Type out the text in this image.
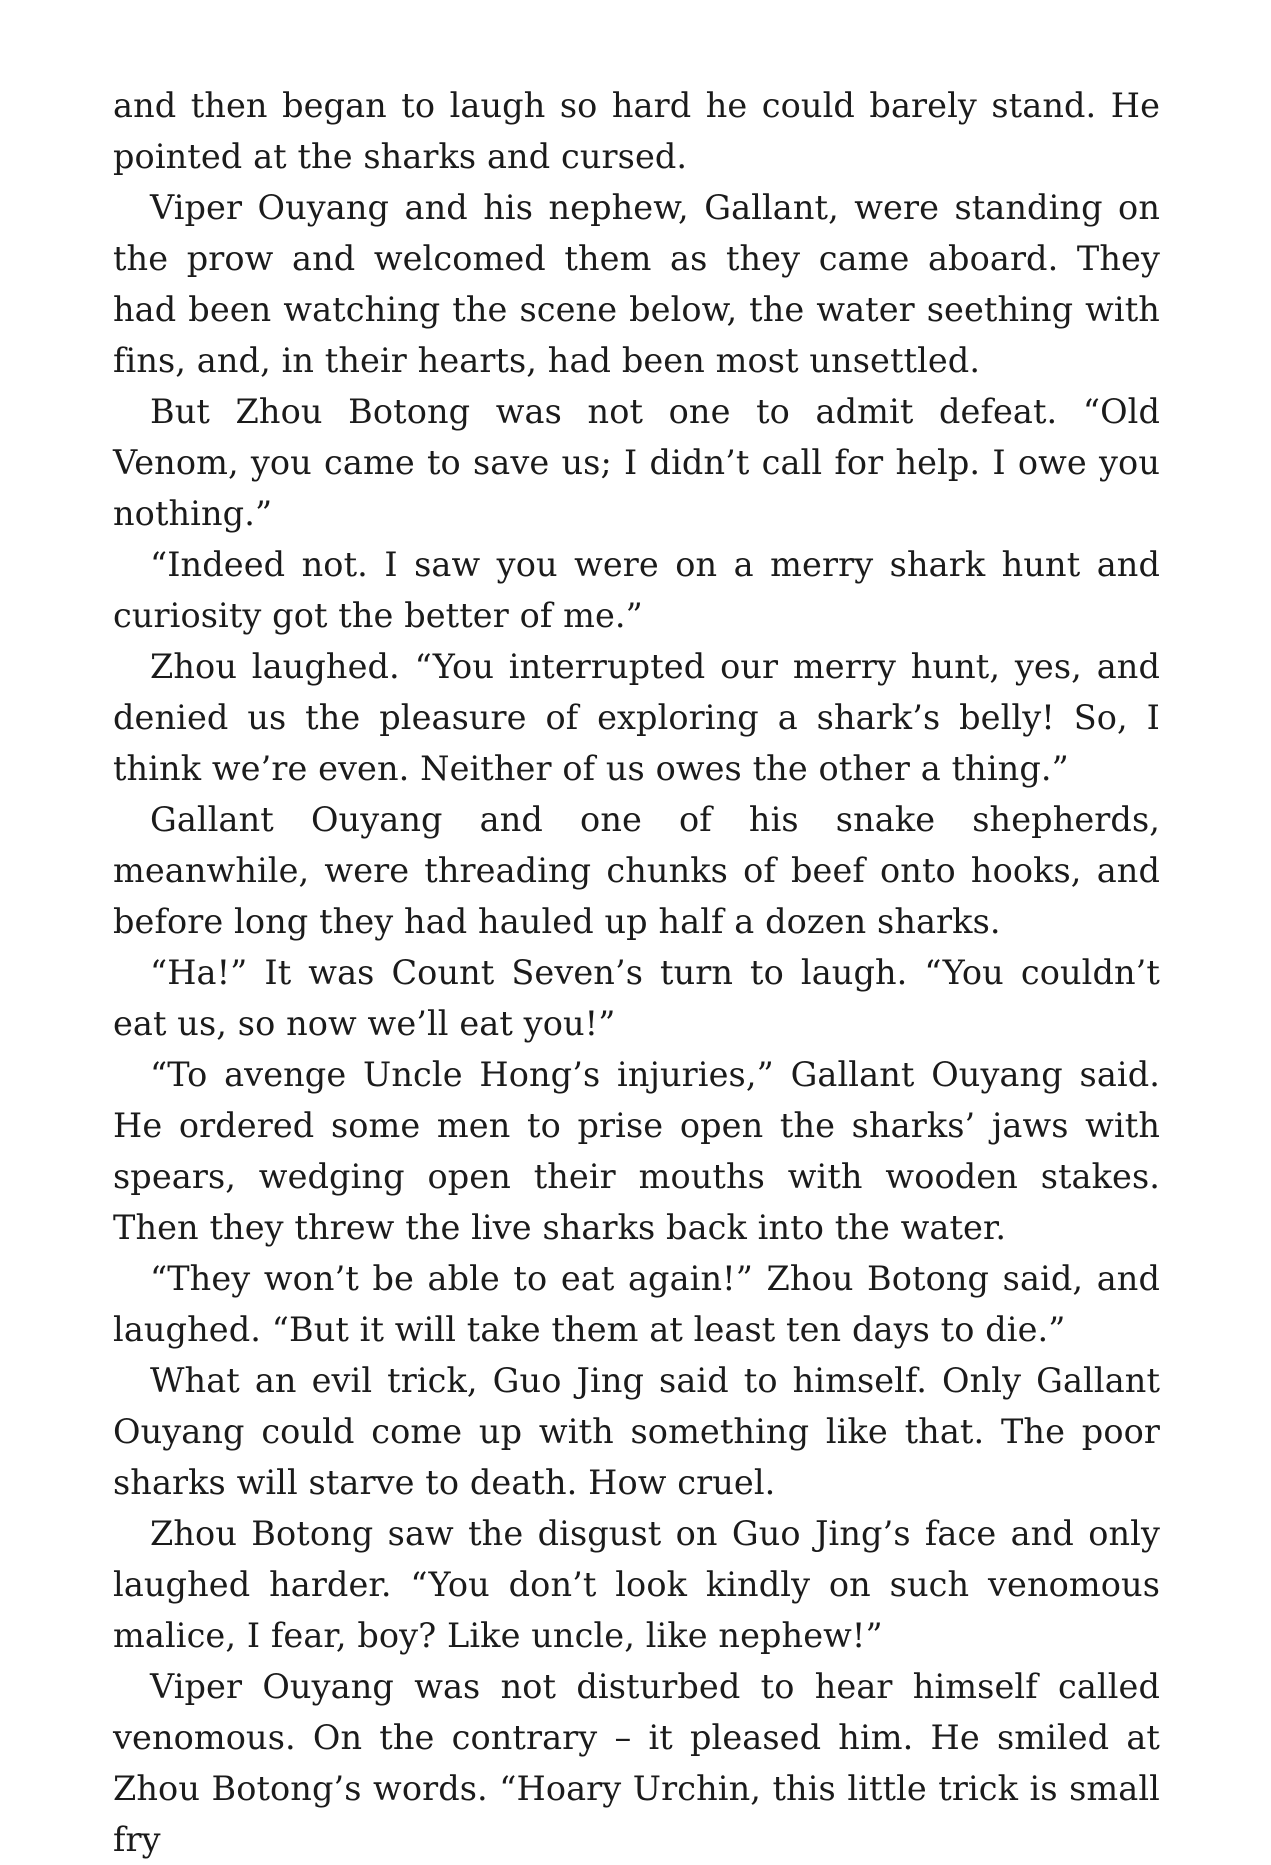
and then began to laugh so hard he could barely stand. He pointed at the sharks and cursed.

Viper Ouyang and his nephew, Gallant, were standing on the prow and welcomed them as they came aboard. They had been watching the scene below, the water seething with fins, and, in their hearts, had been most unsettled.

But Zhou Botong was not one to admit defeat. “Old Venom, you came to save us; I didn’t call for help. I owe you nothing.”

“Indeed not. I saw you were on a merry shark hunt and curiosity got the better of me.”

Zhou laughed. “You interrupted our merry hunt, yes, and denied us the pleasure of exploring a shark’s belly! So, I think we’re even. Neither of us owes the other a thing.”

Gallant Ouyang and one of his snake shepherds, meanwhile, were threading chunks of beef onto hooks, and before long they had hauled up half a dozen sharks.

“Ha!” It was Count Seven’s turn to laugh. “You couldn’t eat us, so now we’ll eat you!”

“To avenge Uncle Hong’s injuries,” Gallant Ouyang said. He ordered some men to prise open the sharks’ jaws with spears, wedging open their mouths with wooden stakes. Then they threw the live sharks back into the water.

“They won’t be able to eat again!” Zhou Botong said, and laughed. “But it will take them at least ten days to die.”

What an evil trick, Guo Jing said to himself. Only Gallant Ouyang could come up with something like that. The poor sharks will starve to death. How cruel.

Zhou Botong saw the disgust on Guo Jing’s face and only laughed harder. “You don’t look kindly on such venomous malice, I fear, boy? Like uncle, like nephew!”

Viper Ouyang was not disturbed to hear himself called venomous. On the contrary – it pleased him. He smiled at Zhou Botong’s words. “Hoary Urchin, this little trick is small fry
